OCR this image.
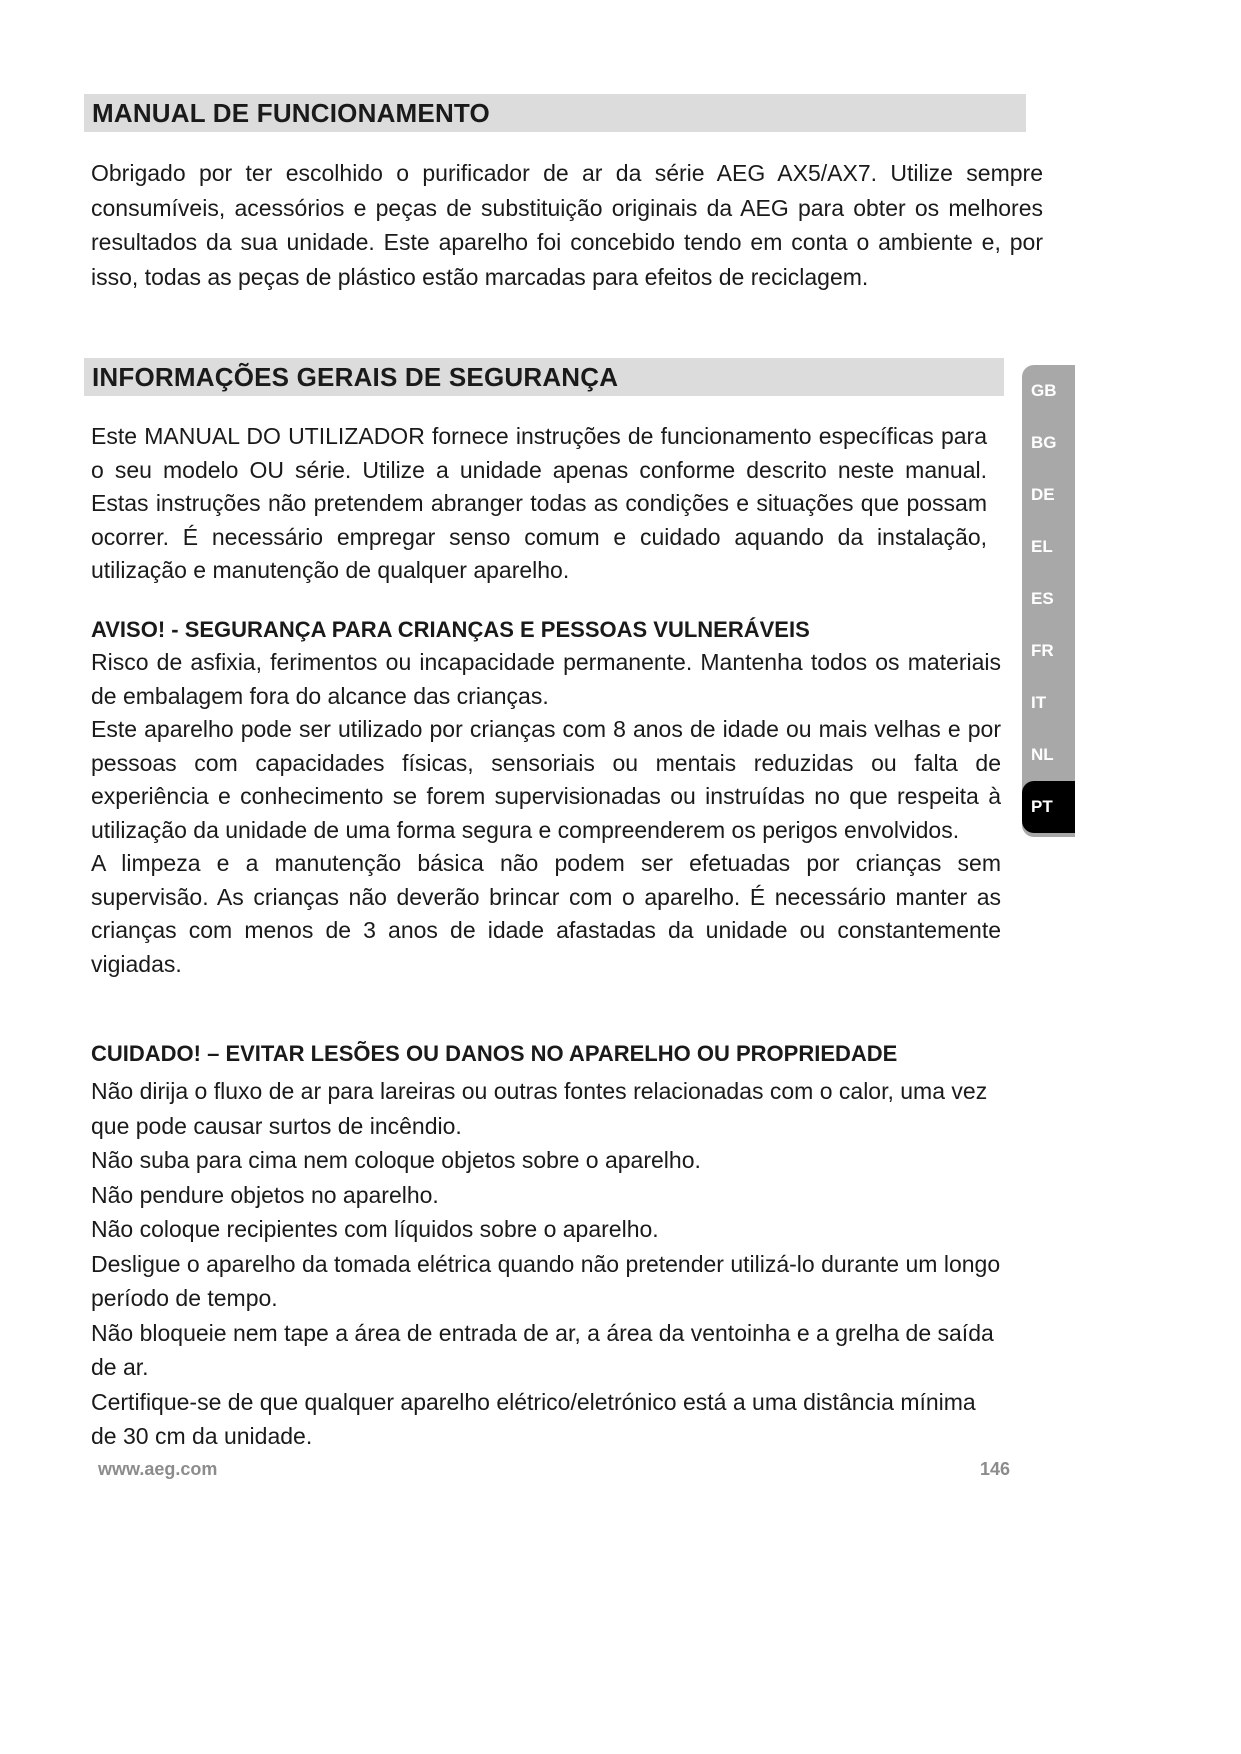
MANUAL DE FUNCIONAMENTO

Obrigado por ter escolhido o purificador de ar da série AEG AX5/AX7. Utilize sempre consumíveis, acessórios e peças de substituição originais da AEG para obter os melhores resultados da sua unidade. Este aparelho foi concebido tendo em conta o ambiente e, por isso, todas as peças de plástico estão marcadas para efeitos de reciclagem.

INFORMAÇÕES GERAIS DE SEGURANÇA

Este MANUAL DO UTILIZADOR fornece instruções de funcionamento específicas para o seu modelo OU série. Utilize a unidade apenas conforme descrito neste manual. Estas instruções não pretendem abranger todas as condições e situações que possam ocorrer. É necessário empregar senso comum e cuidado aquando da instalação, utilização e manutenção de qualquer aparelho.

AVISO! - SEGURANÇA PARA CRIANÇAS E PESSOAS VULNERÁVEIS

Risco de asfixia, ferimentos ou incapacidade permanente. Mantenha todos os materiais de embalagem fora do alcance das crianças.

Este aparelho pode ser utilizado por crianças com 8 anos de idade ou mais velhas e por pessoas com capacidades físicas, sensoriais ou mentais reduzidas ou falta de experiência e conhecimento se forem supervisionadas ou instruídas no que respeita à utilização da unidade de uma forma segura e compreenderem os perigos envolvidos.

A limpeza e a manutenção básica não podem ser efetuadas por crianças sem supervisão. As crianças não deverão brincar com o aparelho. É necessário manter as crianças com menos de 3 anos de idade afastadas da unidade ou constantemente vigiadas.

CUIDADO! – EVITAR LESÕES OU DANOS NO APARELHO OU PROPRIEDADE

Não dirija o fluxo de ar para lareiras ou outras fontes relacionadas com o calor, uma vez que pode causar surtos de incêndio.

Não suba para cima nem coloque objetos sobre o aparelho.

Não pendure objetos no aparelho.

Não coloque recipientes com líquidos sobre o aparelho.

Desligue o aparelho da tomada elétrica quando não pretender utilizá-lo durante um longo período de tempo.

Não bloqueie nem tape a área de entrada de ar, a área da ventoinha e a grelha de saída de ar.

Certifique-se de que qualquer aparelho elétrico/eletrónico está a uma distância mínima de 30 cm da unidade.

GB
BG
DE
EL
ES
FR
IT
NL
PT
www.aeg.com	146
